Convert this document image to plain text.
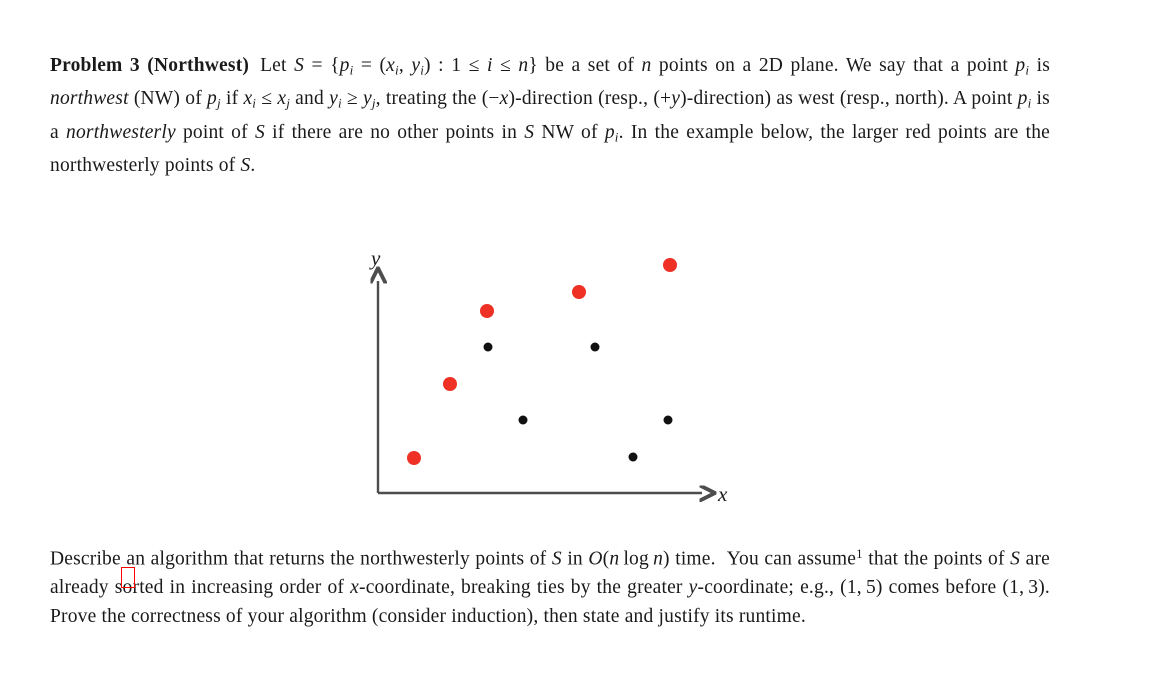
Problem 3 (Northwest) Let $S = \{p_i = (x_i$, $y_i$) : 1 ≤ i ≤ n} be a set of n points on a 2D plane. We say that a point $p_i$ is northwest (NW) of $p_j$ if $x_i \le x_j$ and $y_i \ge y_j$, treating the (−x)-direction (resp., (+y)-direction) as west (resp., north). A point $p_i$ is a northwesterly point of S if there are no other points in S NW of $p_i$. In the example below, the larger red points are the northwesterly points of S.

y
x

Describe an algorithm that returns the northwesterly points of S in O(n  log  n) time.  You can assume$^1$ that the points of S are already sorted in increasing order of x-coordinate, breaking ties by the greater y-coordinate; e.g., (1, 5) comes before (1, 3). Prove the correctness of your algorithm (consider induction), then state and justify its runtime.
